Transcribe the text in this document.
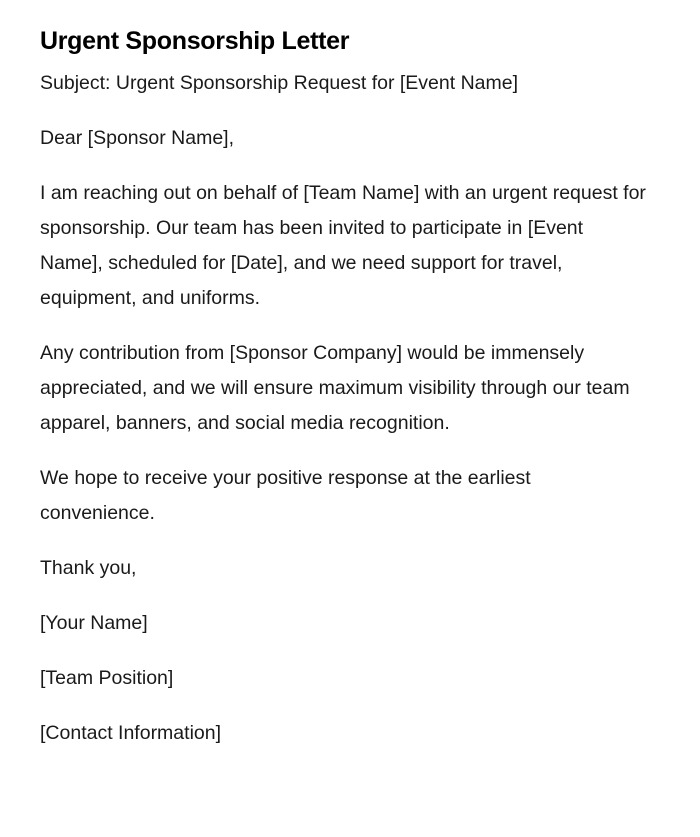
Urgent Sponsorship Letter

Subject: Urgent Sponsorship Request for [Event Name]

Dear [Sponsor Name],

I am reaching out on behalf of [Team Name] with an urgent request for sponsorship. Our team has been invited to participate in [Event Name], scheduled for [Date], and we need support for travel, equipment, and uniforms.

Any contribution from [Sponsor Company] would be immensely appreciated, and we will ensure maximum visibility through our team apparel, banners, and social media recognition.

We hope to receive your positive response at the earliest convenience.

Thank you,

[Your Name]

[Team Position]

[Contact Information]
